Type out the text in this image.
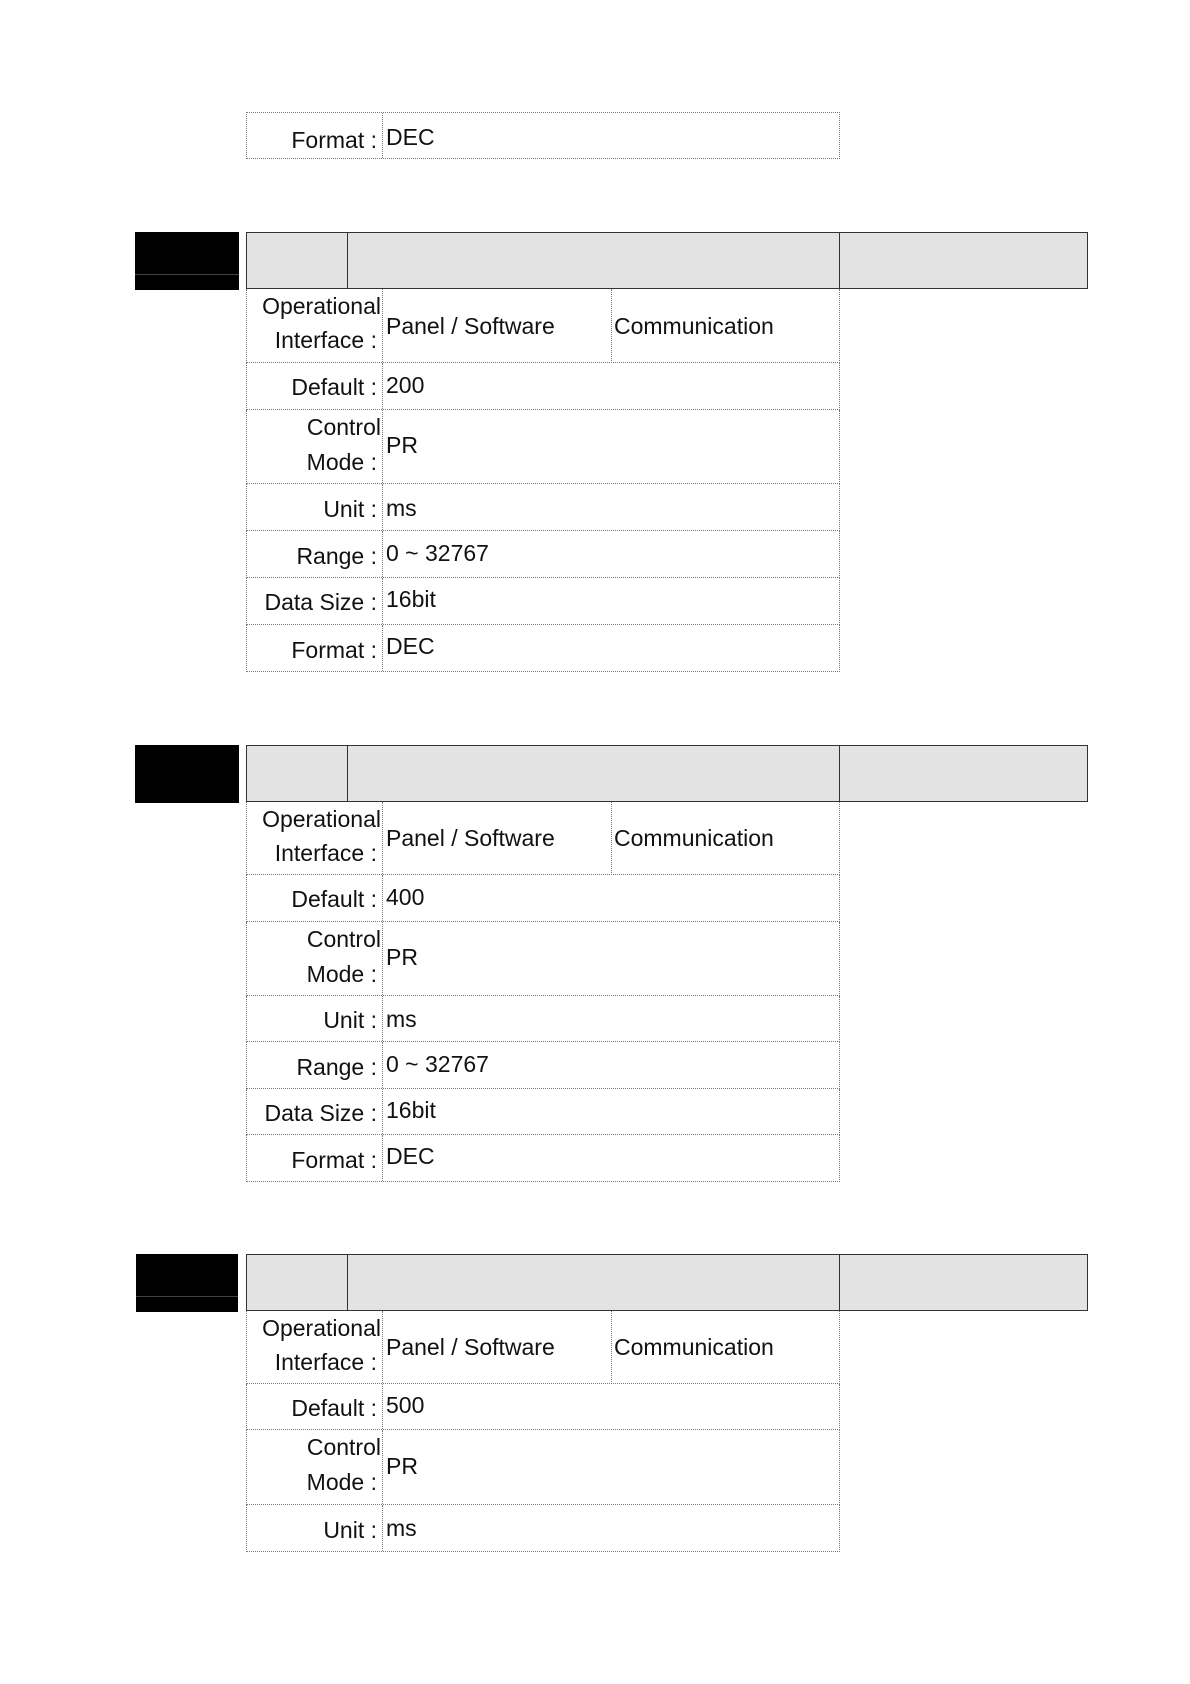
Format : DEC
Operational
Interface :
Panel / Software	Communication
Default : 200
Control
Mode :
PR
Unit : ms
Range : 0 ~ 32767
Data Size : 16bit
Format : DEC
Operational
Interface :
Panel / Software	Communication
Default : 400
Control
Mode :
PR
Unit : ms
Range : 0 ~ 32767
Data Size : 16bit
Format : DEC
Operational
Interface :
Panel / Software	Communication
Default : 500
Control
Mode :
PR
Unit : ms
